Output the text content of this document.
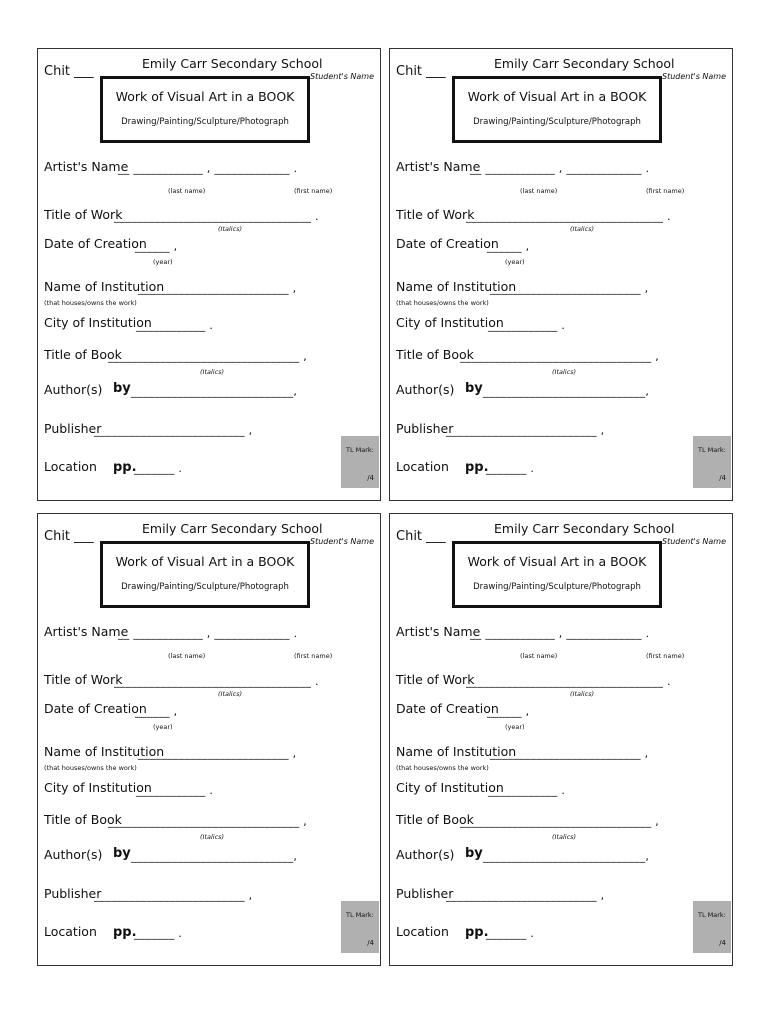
Chit ___
Emily Carr Secondary School
Student's Name
Work of Visual Art in a BOOK
Drawing/Painting/Sculpture/Photograph
Artist's Name
__ ____________ , _____________ .
(last name)	(first name)
Title of Work
__________________________________ .
(Italics)
Date of Creation
______ ,
(year)
Name of Institution
__________________________ ,
(that houses/owns the work)
City of Institution
____________ .
Title of Book
_________________________________ ,
(Italics)
Author(s) by ____________________________,
Publisher
__________________________ ,
Location pp.
_______ .
TL Mark:
/4
Chit ___
Emily Carr Secondary School
Student's Name
Work of Visual Art in a BOOK
Drawing/Painting/Sculpture/Photograph
Artist's Name
__ ____________ , _____________ .
(last name)	(first name)
Title of Work
__________________________________ .
(Italics)
Date of Creation
______ ,
(year)
Name of Institution
__________________________ ,
(that houses/owns the work)
City of Institution
____________ .
Title of Book
_________________________________ ,
(Italics)
Author(s) by ____________________________,
Publisher
__________________________ ,
Location pp.
_______ .
TL Mark:
/4
Chit ___
Emily Carr Secondary School
Student's Name
Work of Visual Art in a BOOK
Drawing/Painting/Sculpture/Photograph
Artist's Name
__ ____________ , _____________ .
(last name)	(first name)
Title of Work
__________________________________ .
(Italics)
Date of Creation
______ ,
(year)
Name of Institution
__________________________ ,
(that houses/owns the work)
City of Institution
____________ .
Title of Book
_________________________________ ,
(Italics)
Author(s) by ____________________________,
Publisher
__________________________ ,
Location pp.
_______ .
TL Mark:
/4
Chit ___
Emily Carr Secondary School
Student's Name
Work of Visual Art in a BOOK
Drawing/Painting/Sculpture/Photograph
Artist's Name
__ ____________ , _____________ .
(last name)	(first name)
Title of Work
__________________________________ .
(Italics)
Date of Creation
______ ,
(year)
Name of Institution
__________________________ ,
(that houses/owns the work)
City of Institution
____________ .
Title of Book
_________________________________ ,
(Italics)
Author(s) by ____________________________,
Publisher
__________________________ ,
Location pp.
_______ .
TL Mark:
/4
